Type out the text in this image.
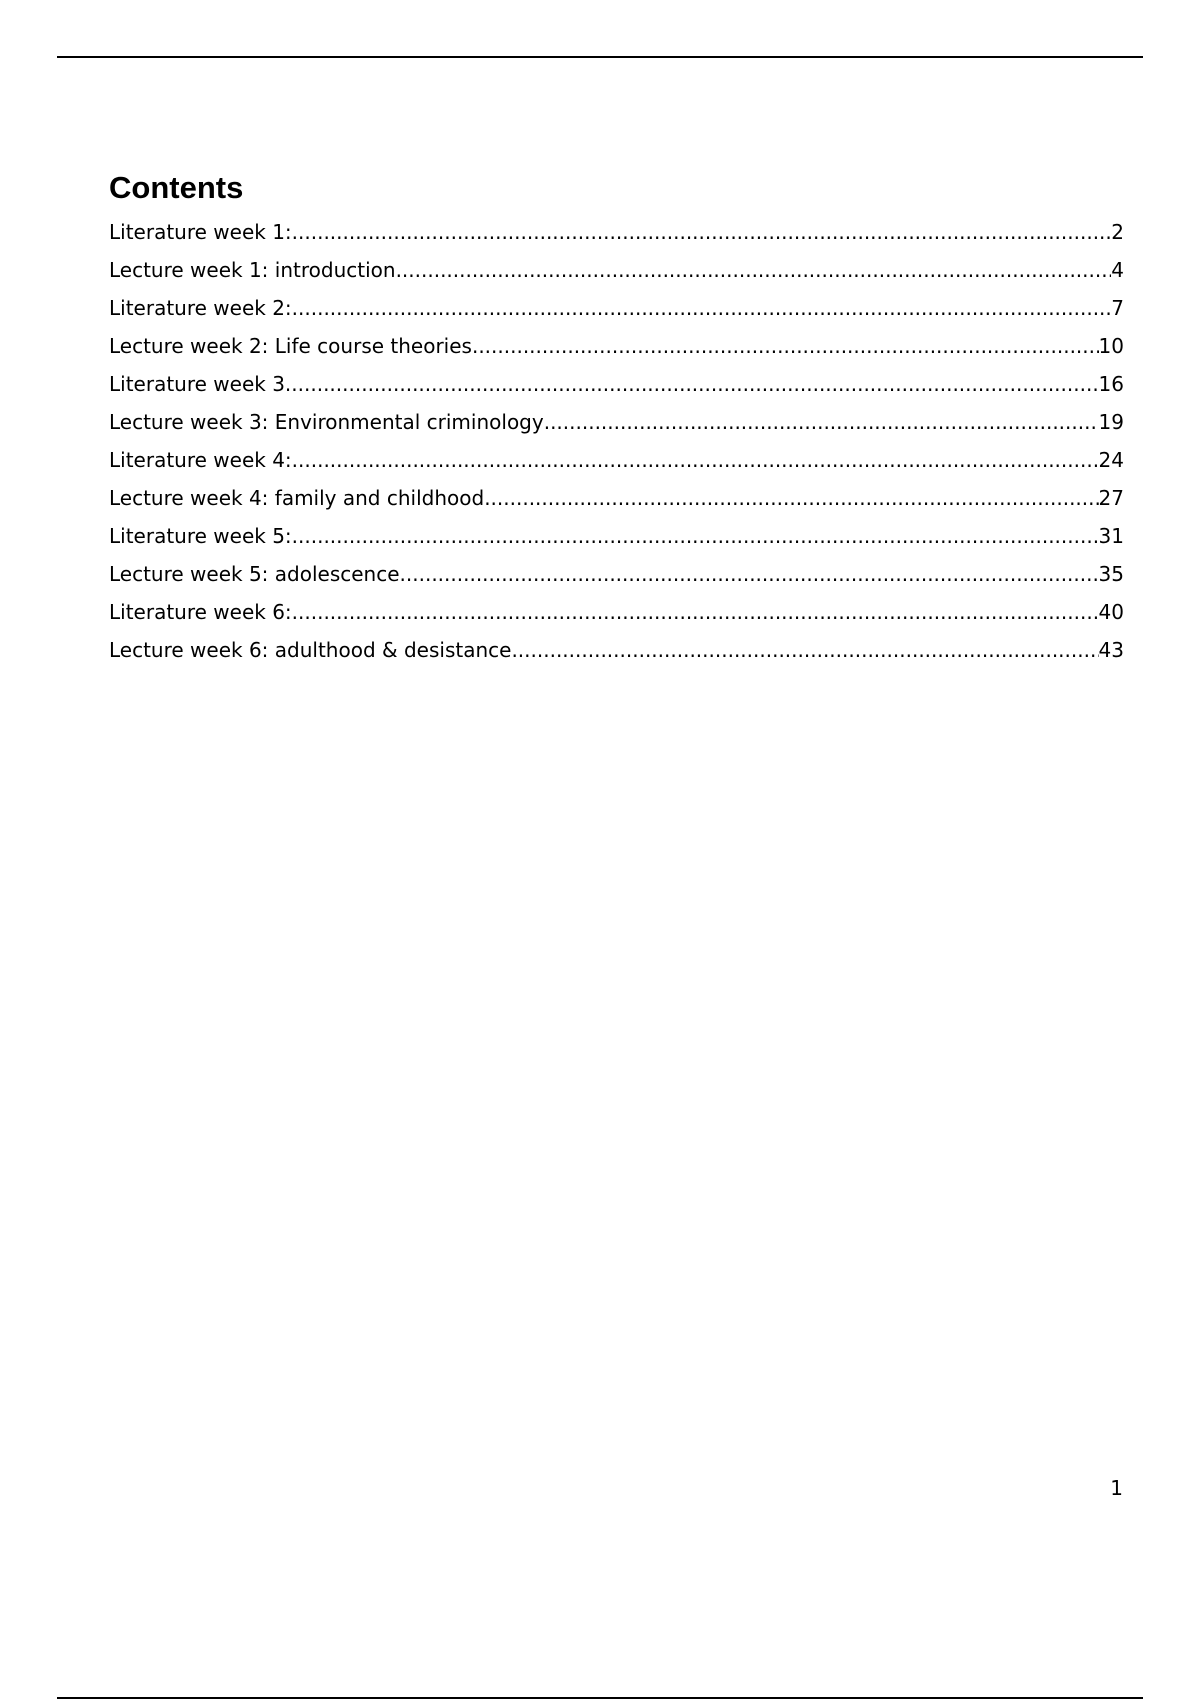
Contents
Literature week 1: .....	2
Lecture week 1: introduction .....	4
Literature week 2: .....	7
Lecture week 2: Life course theories .....	10
Literature week 3 .....	16
Lecture week 3: Environmental criminology .....	19
Literature week 4: .....	24
Lecture week 4: family and childhood .....	27
Literature week 5: .....	31
Lecture week 5: adolescence .....	35
Literature week 6: .....	40
Lecture week 6: adulthood & desistance .....	43
1
